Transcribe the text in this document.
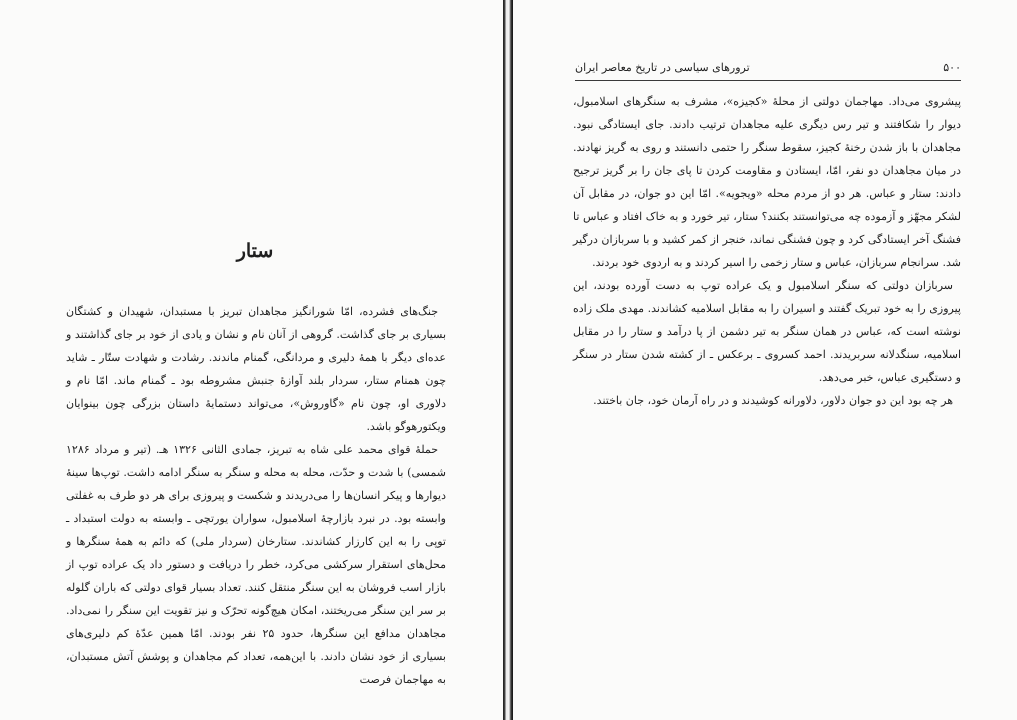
ستار

جنگ‌های فشرده، امّا شورانگیز مجاهدان تبریز با مستبدان، شهیدان و کشتگان بسیاری بر جای گذاشت. گروهی از آنان نام و نشان و یادی از خود بر جای گذاشتند و عده‌ای دیگر با همهٔ دلیری و مردانگی، گمنام ماندند. رشادت و شهادت ستّار ـ شاید چون همنام ستار، سردار بلند آوازهٔ جنبش مشروطه بود ـ گمنام ماند. امّا نام و دلاوری او، چون نام «گاوروش»، می‌تواند دستمایهٔ داستان بزرگی چون بینوایان ویکتورهوگو باشد.

حملهٔ قوای محمد علی شاه به تبریز، جمادی الثانی ۱۳۲۶ هـ. (تیر و مرداد ۱۲۸۶ شمسی) با شدت و حدّت، محله به محله و سنگر به سنگر ادامه داشت. توپ‌ها سینهٔ دیوارها و پیکر انسان‌ها را می‌دریدند و شکست و پیروزی برای هر دو طرف به غفلتی وابسته بود. در نبرد بازارچهٔ اسلامبول، سواران یورتچی ـ وابسته به دولت استبداد ـ توپی را به این کارزار کشاندند. ستارخان (سردار ملی) که دائم به همهٔ سنگرها و محل‌های استقرار سرکشی می‌کرد، خطر را دریافت و دستور داد یک عراده توپ از بازار اسب فروشان به این سنگر منتقل کنند. تعداد بسیار قوای دولتی که باران گلوله بر سر این سنگر می‌ریختند، امکان هیچ‌گونه تحرّک و نیز تقویت این سنگر را نمی‌داد. مجاهدان مدافع این سنگرها، حدود ۲۵ نفر بودند. امّا همین عدّهٔ کم دلیری‌های بسیاری از خود نشان دادند. با این‌همه، تعداد کم مجاهدان و پوشش آتش مستبدان، به مهاجمان فرصت

۵۰۰
ترورهای سیاسی در تاریخ معاصر ایران

پیشروی می‌داد. مهاجمان دولتی از محلهٔ «کجیزه»، مشرف به سنگرهای اسلامبول، دیوار را شکافتند و تیر رس دیگری علیه مجاهدان ترتیب دادند. جای ایستادگی نبود. مجاهدان با باز شدن رخنهٔ کجیز، سقوط سنگر را حتمی دانستند و روی به گریز نهادند. در میان مجاهدان دو نفر، امّا، ایستادن و مقاومت کردن تا پای جان را بر گریز ترجیح دادند: ستار و عباس. هر دو از مردم محله «ویجویه». امّا این دو جوان، در مقابل آن لشکر مجهّز و آزموده چه می‌توانستند بکنند؟ ستار، تیر خورد و به خاک افتاد و عباس تا فشنگ آخر ایستادگی کرد و چون فشنگی نماند، خنجر از کمر کشید و با سربازان درگیر شد. سرانجام سربازان، عباس و ستار زخمی را اسیر کردند و به اردوی خود بردند.

سربازان دولتی که سنگر اسلامبول و یک عراده توپ به دست آورده بودند، این پیروزی را به خود تبریک گفتند و اسیران را به مقابل اسلامیه کشاندند. مهدی ملک زاده نوشته است که، عباس در همان سنگر به تیر دشمن از پا درآمد و ستار را در مقابل اسلامیه، سنگدلانه سربریدند. احمد کسروی ـ برعکس ـ از کشته شدن ستار در سنگر و دستگیری عباس، خبر می‌دهد.

هر چه بود این دو جوان دلاور، دلاورانه کوشیدند و در راه آرمان خود، جان باختند.
